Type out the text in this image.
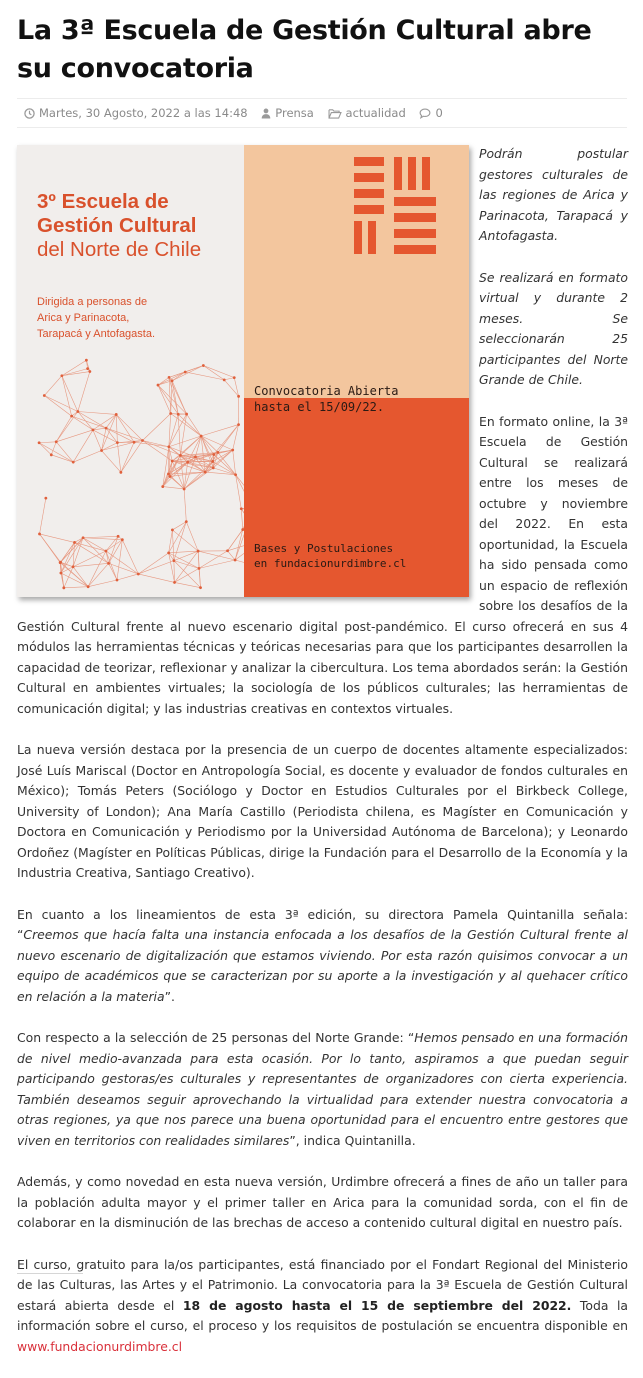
La 3ª Escuela de Gestión Cultural abre su convocatoria
Martes, 30 Agosto, 2022 a las 14:48 Prensa	actualidad	0

Podrán postular gestores culturales de las regiones de Arica y Parinacota, Tarapacá y Antofagasta.

Se realizará en formato virtual y durante 2 meses. Se seleccionarán 25 participantes del Norte Grande de Chile.

En formato online, la 3ª Escuela de Gestión Cultural se realizará entre los meses de octubre y noviembre del 2022. En esta oportunidad, la Escuela ha sido pensada como un espacio de reflexión sobre los desafíos de la Gestión Cultural frente al nuevo escenario digital post-pandémico. El curso ofrecerá en sus 4 módulos las herramientas técnicas y teóricas necesarias para que los participantes desarrollen la capacidad de teorizar, reflexionar y analizar la cibercultura. Los tema abordados serán: la Gestión Cultural en ambientes virtuales; la sociología de los públicos culturales; las herramientas de comunicación digital; y las industrias creativas en contextos virtuales.

La nueva versión destaca por la presencia de un cuerpo de docentes altamente especializados: José Luís Mariscal (Doctor en Antropología Social, es docente y evaluador de fondos culturales en México); Tomás Peters (Sociólogo y Doctor en Estudios Culturales por el Birkbeck College, University of London); Ana María Castillo (Periodista chilena, es Magíster en Comunicación y Doctora en Comunicación y Periodismo por la Universidad Autónoma de Barcelona); y Leonardo Ordoñez (Magíster en Políticas Públicas, dirige la Fundación para el Desarrollo de la Economía y la Industria Creativa, Santiago Creativo).

En cuanto a los lineamientos de esta 3ª edición, su directora Pamela Quintanilla señala: “Creemos que hacía falta una instancia enfocada a los desafíos de la Gestión Cultural frente al nuevo escenario de digitalización que estamos viviendo. Por esta razón quisimos convocar a un equipo de académicos que se caracterizan por su aporte a la investigación y al quehacer crítico en relación a la materia”.

Con respecto a la selección de 25 personas del Norte Grande: “Hemos pensado en una formación de nivel medio-avanzada para esta ocasión. Por lo tanto, aspiramos a que puedan seguir participando gestoras/es culturales y representantes de organizadores con cierta experiencia. También deseamos seguir aprovechando la virtualidad para extender nuestra convocatoria a otras regiones, ya que nos parece una buena oportunidad para el encuentro entre gestores que viven en territorios con realidades similares”, indica Quintanilla.

Además, y como novedad en esta nueva versión, Urdimbre ofrecerá a fines de año un taller para la población adulta mayor y el primer taller en Arica para la comunidad sorda, con el fin de colaborar en la disminución de las brechas de acceso a contenido cultural digital en nuestro país.

El curso, gratuito para la/os participantes, está financiado por el Fondart Regional del Ministerio de las Culturas, las Artes y el Patrimonio. La convocatoria para la 3ª Escuela de Gestión Cultural estará abierta desde el 18 de agosto hasta el 15 de septiembre del 2022. Toda la información sobre el curso, el proceso y los requisitos de postulación se encuentra disponible en www.fundacionurdimbre.cl

3º Escuela de
Gestión Cultural
del Norte de Chile
Dirigida a personas de
Arica y Parinacota,
Tarapacá y Antofagasta.
Convocatoria Abierta
hasta el 15/09/22.
Bases y Postulaciones
en fundacionurdimbre.cl
